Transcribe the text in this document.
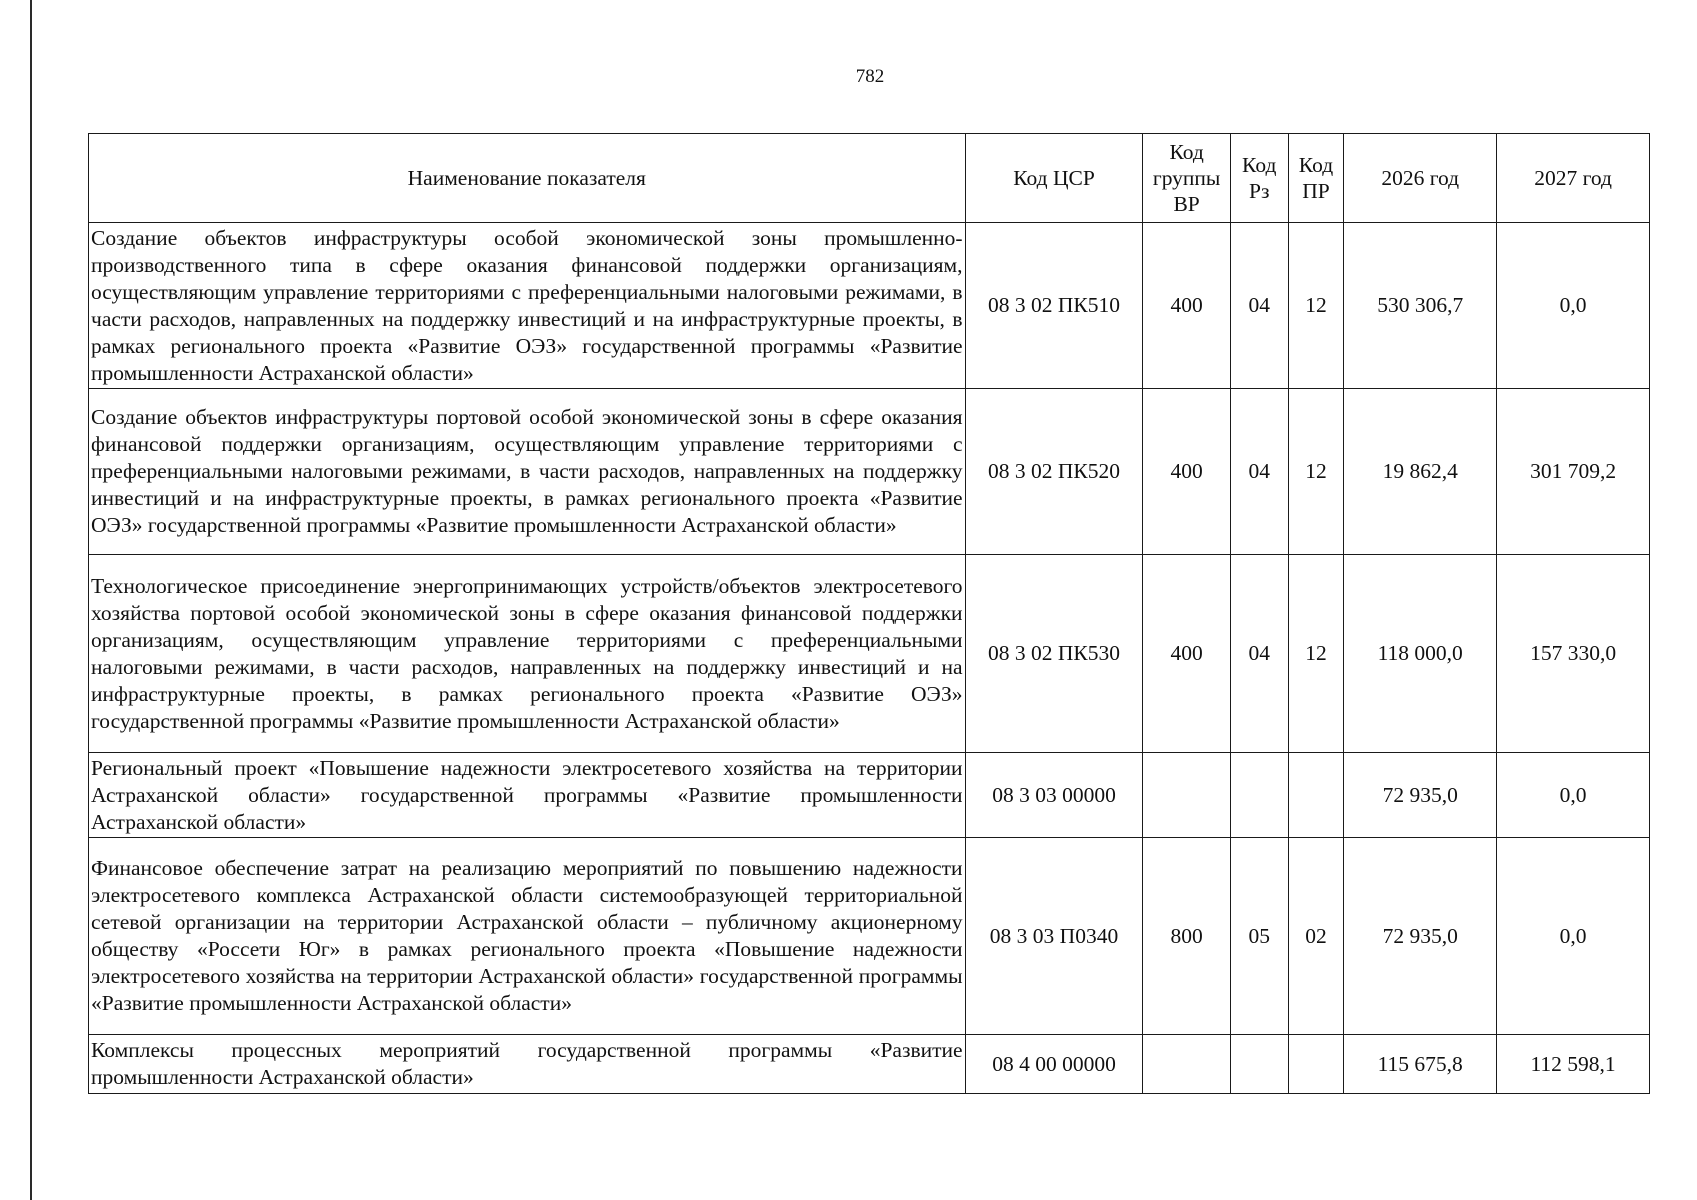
782
Наименование показателя	Код ЦСР	Код группы ВР	Код Рз	Код ПР	2026 год	2027 год
Создание объектов инфраструктуры особой экономической зоны промышленно-производственного типа в сфере оказания финансовой поддержки организациям, осуществляющим управление территориями с преференциальными налоговыми режимами, в части расходов, направленных на поддержку инвестиций и на инфраструктурные проекты, в рамках регионального проекта «Развитие ОЭЗ» государственной программы «Развитие промышленности Астраханской области»	08 3 02 ПК510	400	04	12	530 306,7	0,0
Создание объектов инфраструктуры портовой особой экономической зоны в сфере оказания финансовой поддержки организациям, осуществляющим управление территориями с преференциальными налоговыми режимами, в части расходов, направленных на поддержку инвестиций и на инфраструктурные проекты, в рамках регионального проекта «Развитие ОЭЗ» государственной программы «Развитие промышленности Астраханской области»	08 3 02 ПК520	400	04	12	19 862,4	301 709,2
Технологическое присоединение энергопринимающих устройств/объектов электросетевого хозяйства портовой особой экономической зоны в сфере оказания финансовой поддержки организациям, осуществляющим управление территориями с преференциальными налоговыми режимами, в части расходов, направленных на поддержку инвестиций и на инфраструктурные проекты, в рамках регионального проекта «Развитие ОЭЗ» государственной программы «Развитие промышленности Астраханской области»	08 3 02 ПК530	400	04	12	118 000,0	157 330,0
Региональный проект «Повышение надежности электросетевого хозяйства на территории Астраханской области» государственной программы «Развитие промышленности Астраханской области»	08 3 03 00000				72 935,0	0,0
Финансовое обеспечение затрат на реализацию мероприятий по повышению надежности электросетевого комплекса Астраханской области системообразующей территориальной сетевой организации на территории Астраханской области – публичному акционерному обществу «Россети Юг» в рамках регионального проекта «Повышение надежности электросетевого хозяйства на территории Астраханской области» государственной программы «Развитие промышленности Астраханской области»	08 3 03 П0340	800	05	02	72 935,0	0,0
Комплексы процессных мероприятий государственной программы «Развитие промышленности Астраханской области»	08 4 00 00000				115 675,8	112 598,1
